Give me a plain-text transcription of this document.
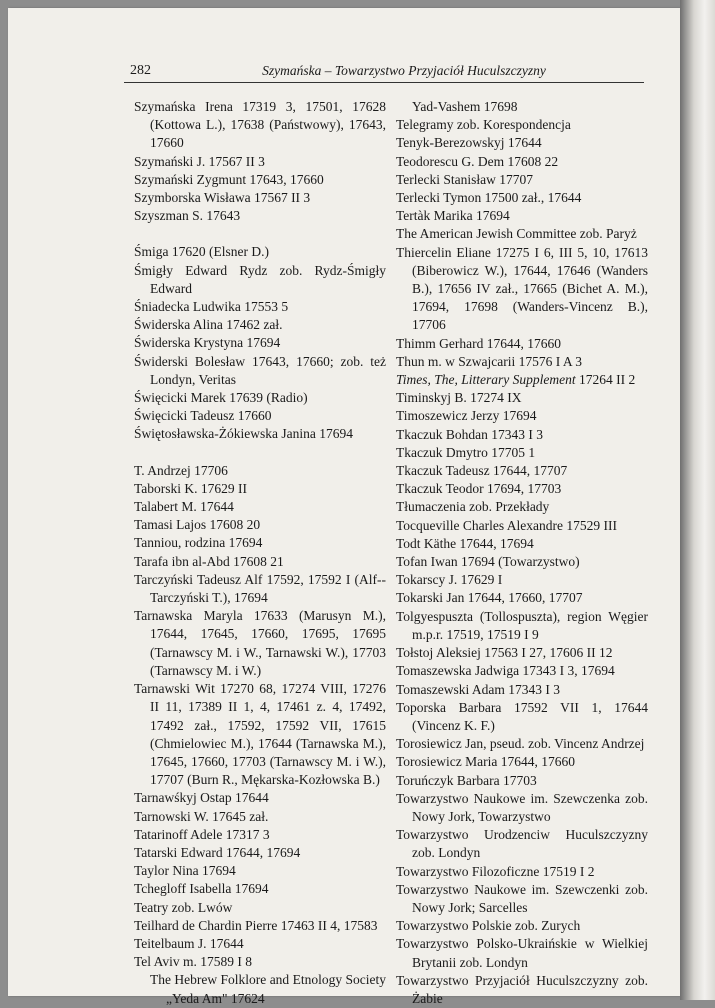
282	Szymańska – Towarzystwo Przyjaciół Huculszczyzny

Szymańska Irena 17319 3, 17501, 17628 (Kottowa L.), 17638 (Państwowy), 17643, 17660

Szymański J. 17567 II 3

Szymański Zygmunt 17643, 17660

Szymborska Wisława 17567 II 3

Szyszman S. 17643

Śmiga 17620 (Elsner D.)

Śmigły Edward Rydz zob. Rydz-Śmigły Edward

Śniadecka Ludwika 17553 5

Świderska Alina 17462 zał.

Świderska Krystyna 17694

Świderski Bolesław 17643, 17660; zob. też Londyn, Veritas

Święcicki Marek 17639 (Radio)

Święcicki Tadeusz 17660

Świętosławska-Żókiewska Janina 17694

T. Andrzej 17706

Taborski K. 17629 II

Talabert M. 17644

Tamasi Lajos 17608 20

Tanniou, rodzina 17694

Tarafa ibn al-Abd 17608 21

Tarczyński Tadeusz Alf 17592, 17592 I (Alf--Tarczyński T.), 17694

Tarnawska Maryla 17633 (Marusyn M.), 17644, 17645, 17660, 17695, 17695 (Tarnawscy M. i W., Tarnawski W.), 17703 (Tarnawscy M. i W.)

Tarnawski Wit 17270 68, 17274 VIII, 17276 II 11, 17389 II 1, 4, 17461 z. 4, 17492, 17492 zał., 17592, 17592 VII, 17615 (Chmielowiec M.), 17644 (Tarnawska M.), 17645, 17660, 17703 (Tarnawscy M. i W.), 17707 (Burn R., Mękarska-Kozłowska B.)

Tarnawśkyj Ostap 17644

Tarnowski W. 17645 zał.

Tatarinoff Adele 17317 3

Tatarski Edward 17644, 17694

Taylor Nina 17694

Tchegloff Isabella 17694

Teatry zob. Lwów

Teilhard de Chardin Pierre 17463 II 4, 17583

Teitelbaum J. 17644

Tel Aviv m. 17589 I 8

The Hebrew Folklore and Etnology Society „Yeda Am" 17624

Yad-Vashem 17698

Telegramy zob. Korespondencja

Tenyk-Berezowskyj 17644

Teodorescu G. Dem 17608 22

Terlecki Stanisław 17707

Terlecki Tymon 17500 zał., 17644

Tertàk Marika 17694

The American Jewish Committee zob. Paryż

Thiercelin Eliane 17275 I 6, III 5, 10, 17613 (Biberowicz W.), 17644, 17646 (Wanders B.), 17656 IV zał., 17665 (Bichet A. M.), 17694, 17698 (Wanders-Vincenz B.), 17706

Thimm Gerhard 17644, 17660

Thun m. w Szwajcarii 17576 I A 3

Times, The, Litterary Supplement 17264 II 2

Timinskyj B. 17274 IX

Timoszewicz Jerzy 17694

Tkaczuk Bohdan 17343 I 3

Tkaczuk Dmytro 17705 1

Tkaczuk Tadeusz 17644, 17707

Tkaczuk Teodor 17694, 17703

Tłumaczenia zob. Przekłady

Tocqueville Charles Alexandre 17529 III

Todt Käthe 17644, 17694

Tofan Iwan 17694 (Towarzystwo)

Tokarscy J. 17629 I

Tokarski Jan 17644, 17660, 17707

Tolgyespuszta (Tollospuszta), region Węgier m.p.r. 17519, 17519 I 9

Tołstoj Aleksiej 17563 I 27, 17606 II 12

Tomaszewska Jadwiga 17343 I 3, 17694

Tomaszewski Adam 17343 I 3

Toporska Barbara 17592 VII 1, 17644 (Vincenz K. F.)

Torosiewicz Jan, pseud. zob. Vincenz Andrzej

Torosiewicz Maria 17644, 17660

Toruńczyk Barbara 17703

Towarzystwo Naukowe im. Szewczenka zob. Nowy Jork, Towarzystwo

Towarzystwo Urodzenciw Huculszczyzny zob. Londyn

Towarzystwo Filozoficzne 17519 I 2

Towarzystwo Naukowe im. Szewczenki zob. Nowy Jork; Sarcelles

Towarzystwo Polskie zob. Zurych

Towarzystwo Polsko-Ukraińskie w Wielkiej Brytanii zob. Londyn

Towarzystwo Przyjaciół Huculszczyzny zob. Żabie
